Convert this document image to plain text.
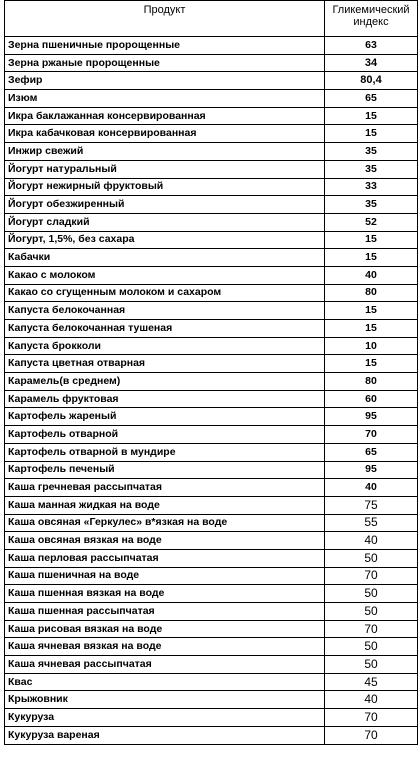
Продукт	Гликемический индекс
Зерна пшеничные пророщенные	63
Зерна ржаные пророщенные	34
Зефир	80,4
Изюм	65
Икра баклажанная консервированная	15
Икра кабачковая консервированная	15
Инжир свежий	35
Йогурт натуральный	35
Йогурт нежирный фруктовый	33
Йогурт обезжиренный	35
Йогурт сладкий	52
Йогурт, 1,5%, без сахара	15
Кабачки	15
Какао с молоком	40
Какао со сгущенным молоком и сахаром	80
Капуста белокочанная	15
Капуста белокочанная тушеная	15
Капуста брокколи	10
Капуста цветная отварная	15
Карамель(в среднем)	80
Карамель фруктовая	60
Картофель жареный	95
Картофель отварной	70
Картофель отварной в мундире	65
Картофель печеный	95
Каша гречневая рассыпчатая	40
Каша манная жидкая на воде	75
Каша овсяная «Геркулес» в*язкая на воде	55
Каша овсяная вязкая на воде	40
Каша перловая рассыпчатая	50
Каша пшеничная на воде	70
Каша пшенная вязкая на воде	50
Каша пшенная рассыпчатая	50
Каша рисовая вязкая на воде	70
Каша ячневая вязкая на воде	50
Каша ячневая рассыпчатая	50
Квас	45
Крыжовник	40
Кукуруза	70
Кукуруза вареная	70
